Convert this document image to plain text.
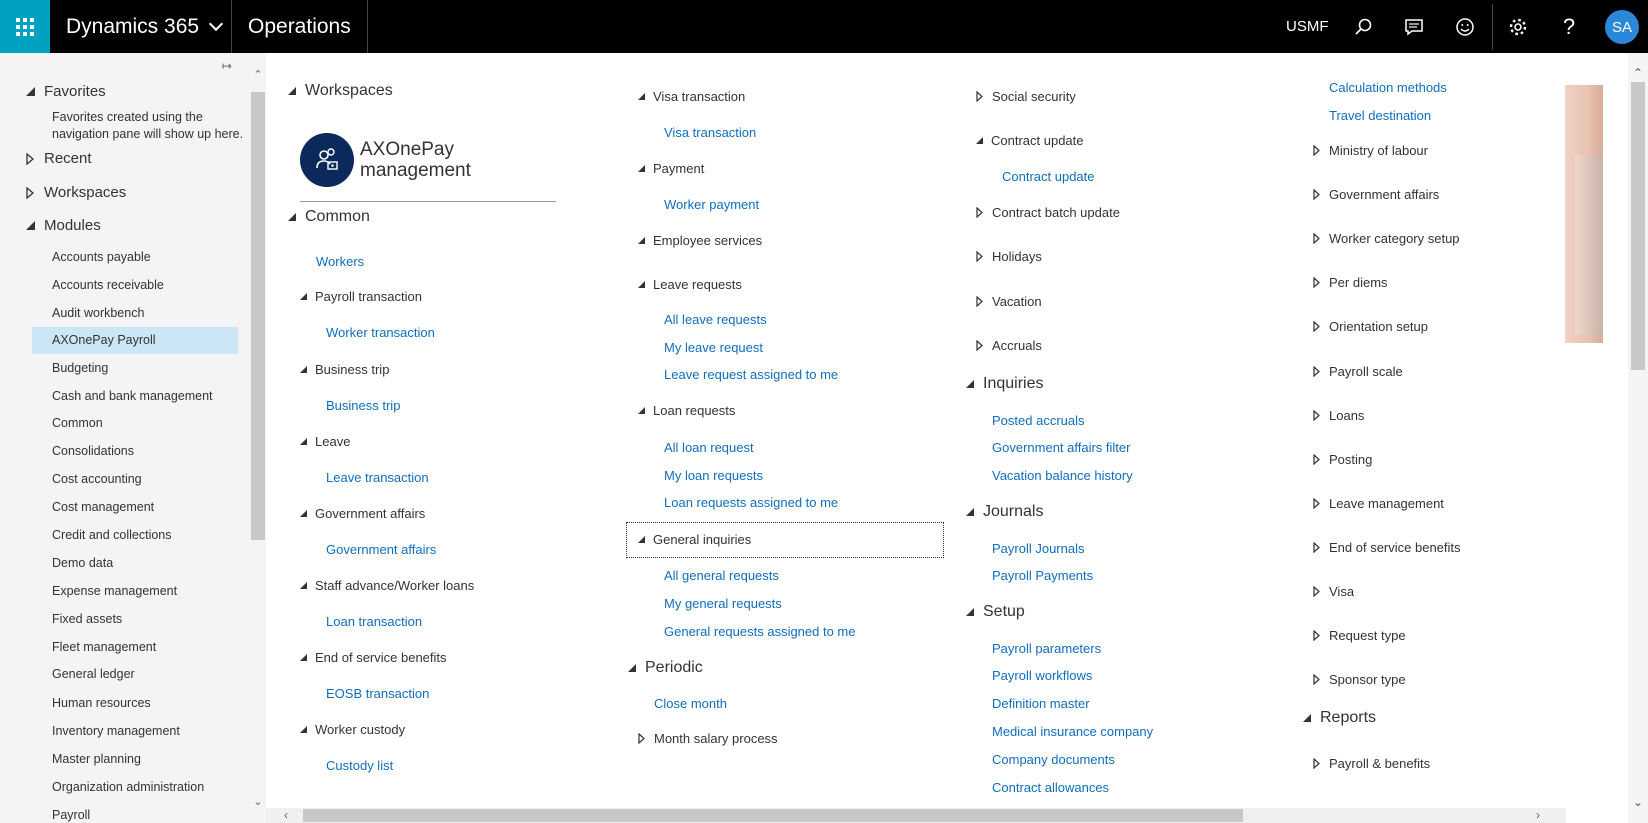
Dynamics 365	Operations	USMF	?	SA
↦
Favorites
Favorites created using the navigation pane will show up here.
Recent
Workspaces
Modules
Accounts payable
Accounts receivable
Audit workbench
AXOnePay Payroll
Budgeting
Cash and bank management
Common
Consolidations
Cost accounting
Cost management
Credit and collections
Demo data
Expense management
Fixed assets
Fleet management
General ledger
Human resources
Inventory management
Master planning
Organization administration
Payroll
⌃
⌄
Workspaces
AXOnePay
management
Common
Workers
Payroll transaction
Worker transaction
Business trip
Business trip
Leave
Leave transaction
Government affairs
Government affairs
Staff advance/Worker loans
Loan transaction
End of service benefits
EOSB transaction
Worker custody
Custody list
Visa transaction
Visa transaction
Payment
Worker payment
Employee services
Leave requests
All leave requests
My leave request
Leave request assigned to me
Loan requests
All loan request
My loan requests
Loan requests assigned to me
General inquiries
All general requests
My general requests
General requests assigned to me
Periodic
Close month
Month salary process
Social security
Contract update
Contract update
Contract batch update
Holidays
Vacation
Accruals
Inquiries
Posted accruals
Government affairs filter
Vacation balance history
Journals
Payroll Journals
Payroll Payments
Setup
Payroll parameters
Payroll workflows
Definition master
Medical insurance company
Company documents
Contract allowances
Calculation methods
Travel destination
Ministry of labour
Government affairs
Worker category setup
Per diems
Orientation setup
Payroll scale
Loans
Posting
Leave management
End of service benefits
Visa
Request type
Sponsor type
Reports
Payroll & benefits
⌃
⌄
‹	›
